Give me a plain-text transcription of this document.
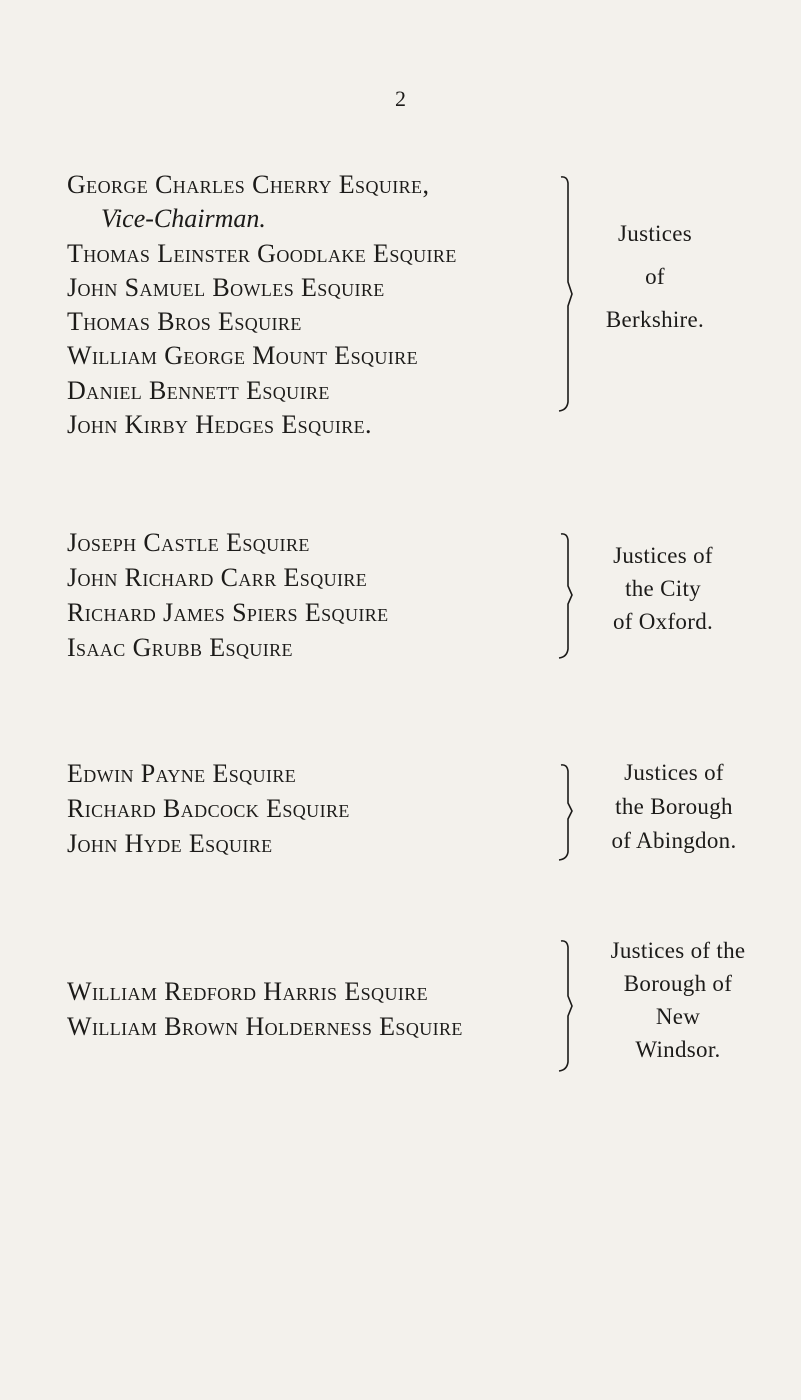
2
George Charles Cherry Esquire,
Vice-Chairman.
Thomas Leinster Goodlake Esquire
John Samuel Bowles Esquire
Thomas Bros Esquire
William George Mount Esquire
Daniel Bennett Esquire
John Kirby Hedges Esquire.
Justices
of
Berkshire.
Joseph Castle Esquire
John Richard Carr Esquire
Richard James Spiers Esquire
Isaac Grubb Esquire
Justices of
the City
of Oxford.
Edwin Payne Esquire
Richard Badcock Esquire
John Hyde Esquire
Justices of
the Borough
of Abingdon.
William Redford Harris Esquire
William Brown Holderness Esquire
Justices of the
Borough of
New
Windsor.
